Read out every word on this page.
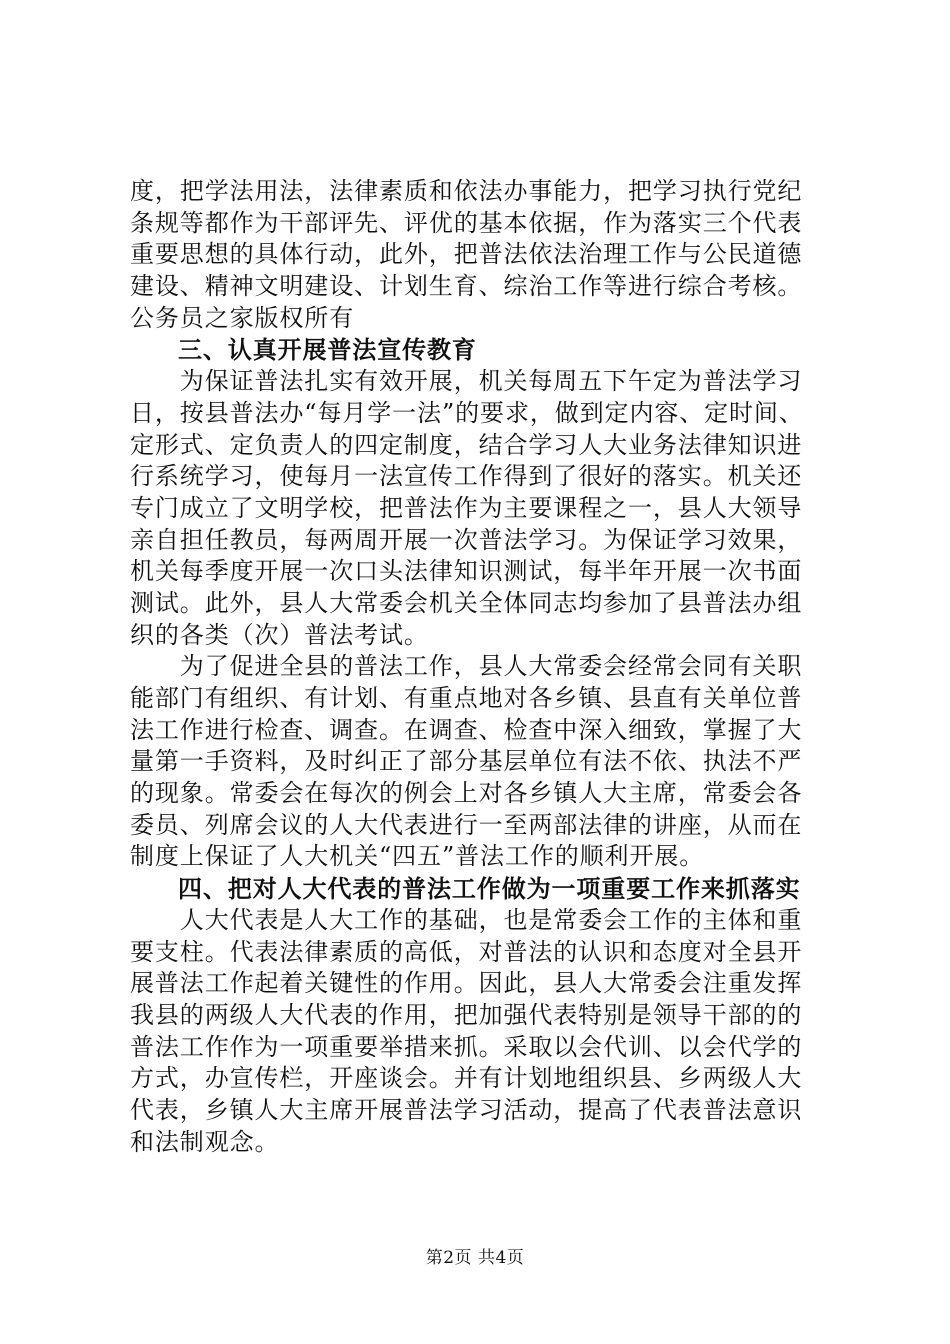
度，把学法用法，法律素质和依法办事能力，把学习执行党纪
条规等都作为干部评先、评优的基本依据，作为落实三个代表
重要思想的具体行动，此外，把普法依法治理工作与公民道德
建设、精神文明建设、计划生育、综治工作等进行综合考核。
公务员之家版权所有
三、认真开展普法宣传教育
　　为保证普法扎实有效开展，机关每周五下午定为普法学习
日，按县普法办“每月学一法”的要求，做到定内容、定时间、
定形式、定负责人的四定制度，结合学习人大业务法律知识进
行系统学习，使每月一法宣传工作得到了很好的落实。机关还
专门成立了文明学校，把普法作为主要课程之一，县人大领导
亲自担任教员，每两周开展一次普法学习。为保证学习效果，
机关每季度开展一次口头法律知识测试，每半年开展一次书面
测试。此外，县人大常委会机关全体同志均参加了县普法办组
织的各类（次）普法考试。
　　为了促进全县的普法工作，县人大常委会经常会同有关职
能部门有组织、有计划、有重点地对各乡镇、县直有关单位普
法工作进行检查、调查。在调查、检查中深入细致，掌握了大
量第一手资料，及时纠正了部分基层单位有法不依、执法不严
的现象。常委会在每次的例会上对各乡镇人大主席，常委会各
委员、列席会议的人大代表进行一至两部法律的讲座，从而在
制度上保证了人大机关“四五”普法工作的顺利开展。
四、把对人大代表的普法工作做为一项重要工作来抓落实
　　人大代表是人大工作的基础，也是常委会工作的主体和重
要支柱。代表法律素质的高低，对普法的认识和态度对全县开
展普法工作起着关键性的作用。因此，县人大常委会注重发挥
我县的两级人大代表的作用，把加强代表特别是领导干部的的
普法工作作为一项重要举措来抓。采取以会代训、以会代学的
方式，办宣传栏，开座谈会。并有计划地组织县、乡两级人大
代表，乡镇人大主席开展普法学习活动，提高了代表普法意识
和法制观念。
第2页 共4页
